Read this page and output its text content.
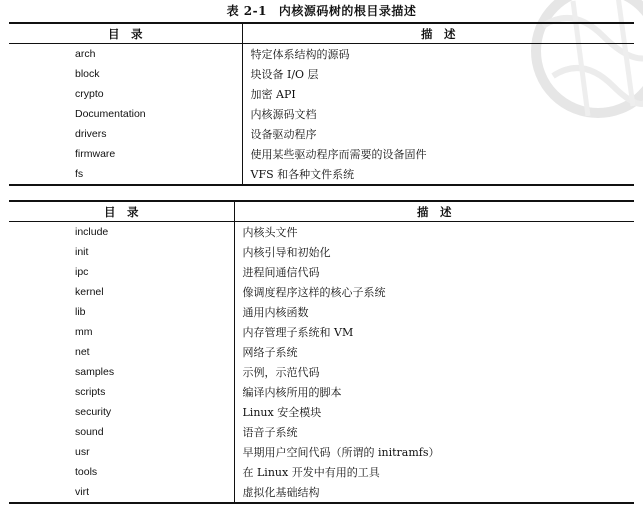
表 2-1 内核源码树的根目录描述
目　录	描　述
arch	特定体系结构的源码
block	块设备 I/O 层
crypto	加密 API
Documentation	内核源码文档
drivers	设备驱动程序
firmware	使用某些驱动程序而需要的设备固件
fs	VFS 和各种文件系统
目　录	描　述
include	内核头文件
init	内核引导和初始化
ipc	进程间通信代码
kernel	像调度程序这样的核心子系统
lib	通用内核函数
mm	内存管理子系统和 VM
net	网络子系统
samples	示例，示范代码
scripts	编译内核所用的脚本
security	Linux 安全模块
sound	语音子系统
usr	早期用户空间代码（所谓的 initramfs）
tools	在 Linux 开发中有用的工具
virt	虚拟化基础结构
